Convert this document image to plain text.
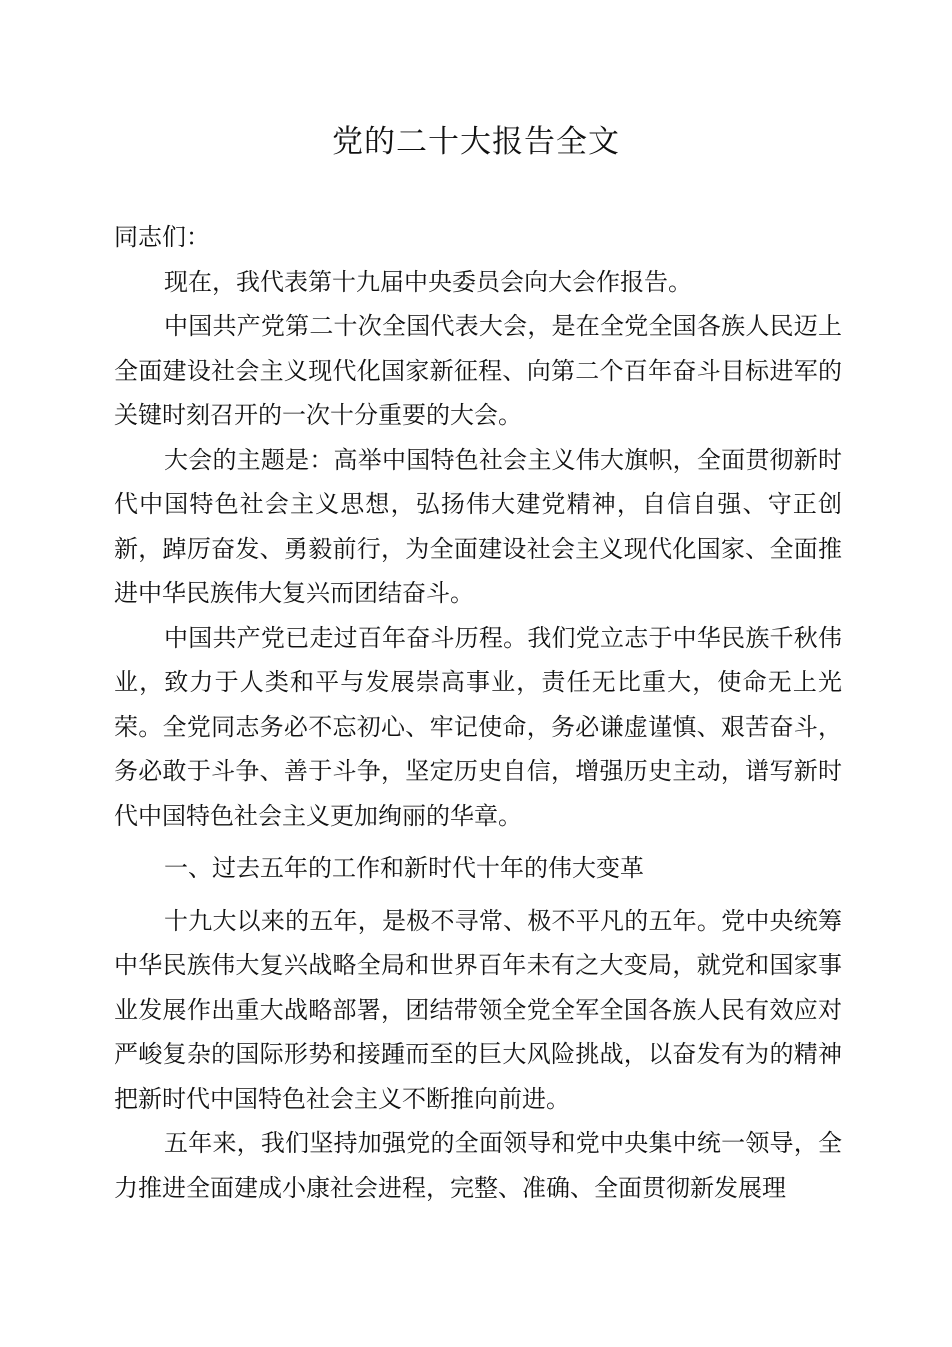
党的二十大报告全文

同志们：

现在，我代表第十九届中央委员会向大会作报告。

中国共产党第二十次全国代表大会，是在全党全国各族人民迈上全面建设社会主义现代化国家新征程、向第二个百年奋斗目标进军的关键时刻召开的一次十分重要的大会。

大会的主题是：高举中国特色社会主义伟大旗帜，全面贯彻新时代中国特色社会主义思想，弘扬伟大建党精神，自信自强、守正创新，踔厉奋发、勇毅前行，为全面建设社会主义现代化国家、全面推进中华民族伟大复兴而团结奋斗。

中国共产党已走过百年奋斗历程。我们党立志于中华民族千秋伟业，致力于人类和平与发展崇高事业，责任无比重大，使命无上光荣。全党同志务必不忘初心、牢记使命，务必谦虚谨慎、艰苦奋斗，务必敢于斗争、善于斗争，坚定历史自信，增强历史主动，谱写新时代中国特色社会主义更加绚丽的华章。

一、过去五年的工作和新时代十年的伟大变革

十九大以来的五年，是极不寻常、极不平凡的五年。党中央统筹中华民族伟大复兴战略全局和世界百年未有之大变局，就党和国家事业发展作出重大战略部署，团结带领全党全军全国各族人民有效应对严峻复杂的国际形势和接踵而至的巨大风险挑战，以奋发有为的精神把新时代中国特色社会主义不断推向前进。

五年来，我们坚持加强党的全面领导和党中央集中统一领导，全力推进全面建成小康社会进程，完整、准确、全面贯彻新发展理
